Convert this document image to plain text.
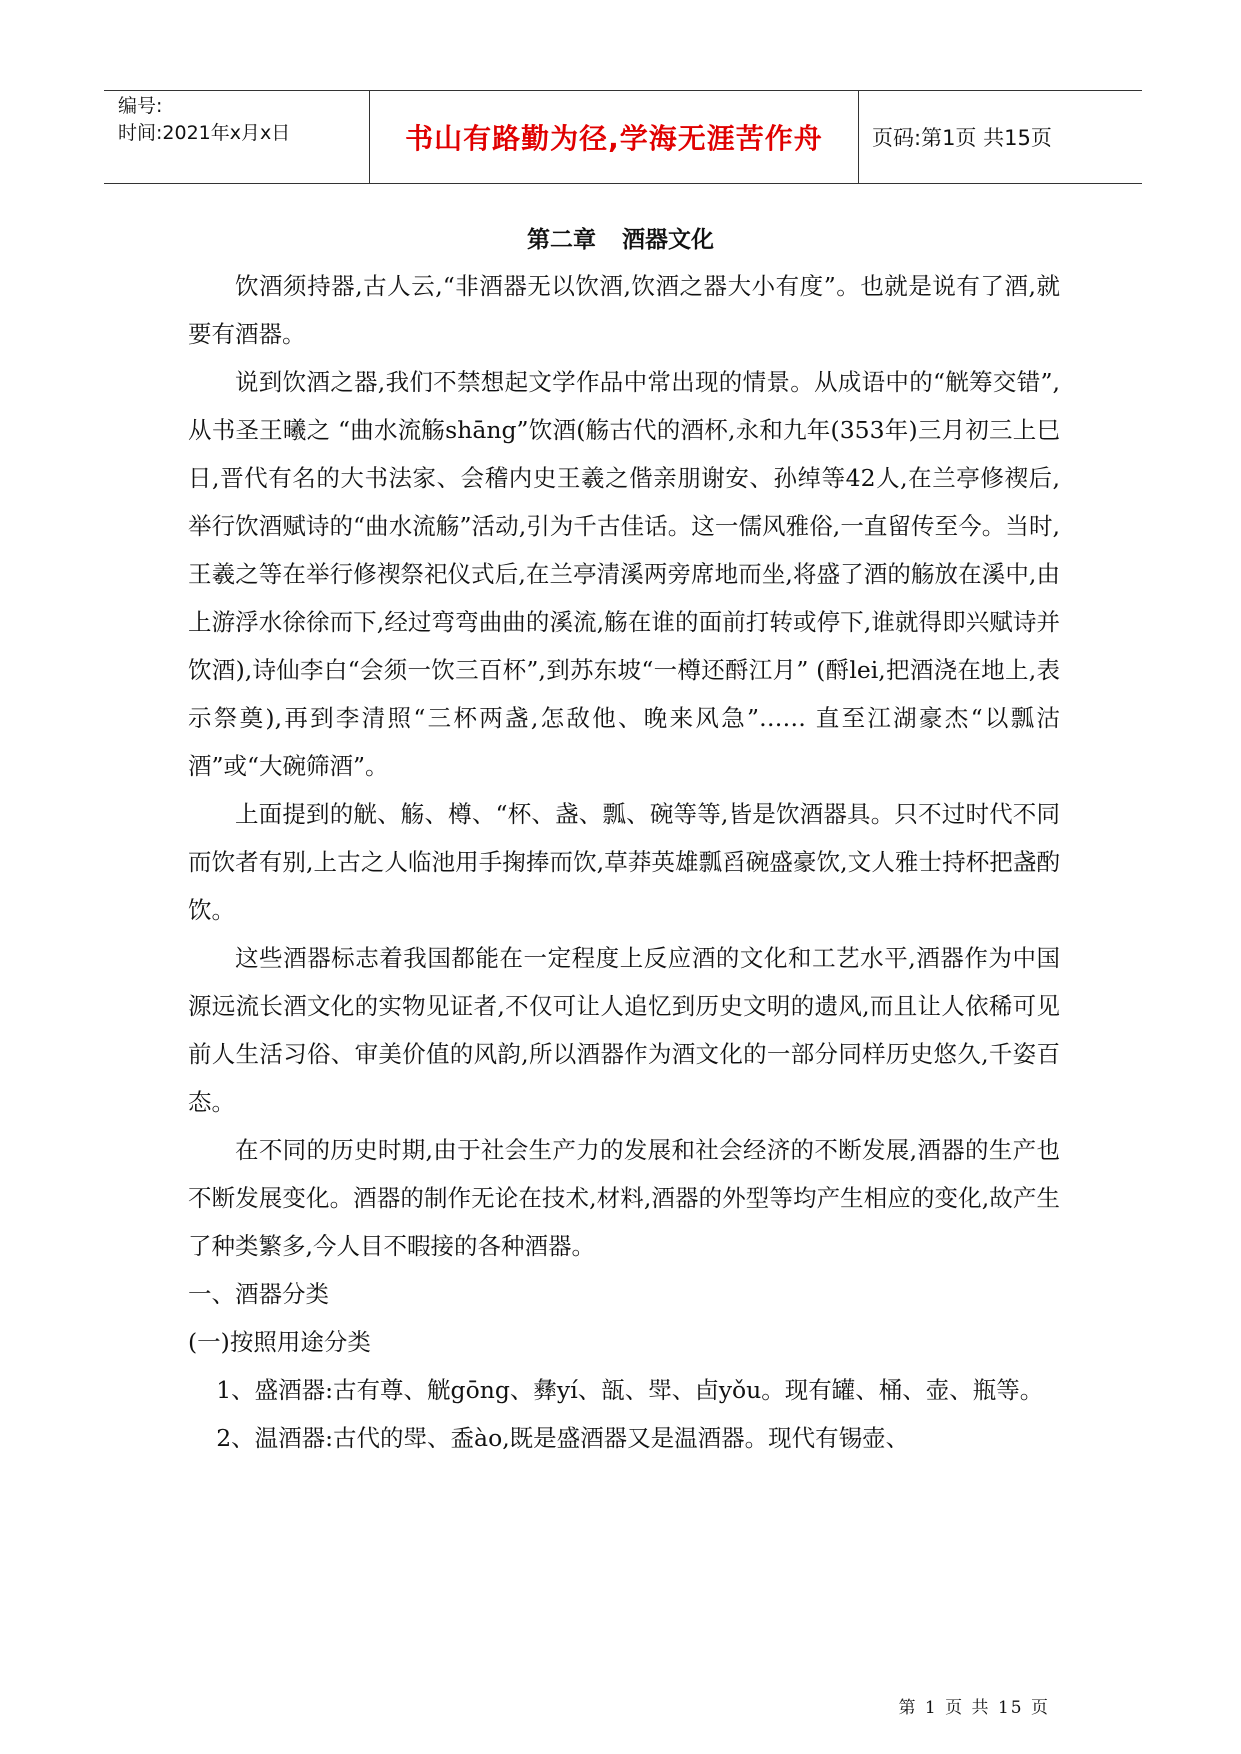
编号:
时间:2021年x月x日	书山有路勤为径,学海无涯苦作舟	页码:第1页 共15页
第二章 酒器文化

饮酒须持器,古人云,“非酒器无以饮酒,饮酒之器大小有度”。也就是说有了酒,就要有酒器。

说到饮酒之器,我们不禁想起文学作品中常出现的情景。从成语中的“觥筹交错”,从书圣王曦之 “曲水流觞shāng”饮酒(觞古代的酒杯,永和九年(353年)三月初三上巳日,晋代有名的大书法家、会稽内史王羲之偕亲朋谢安、孙绰等42人,在兰亭修禊后,举行饮酒赋诗的“曲水流觞”活动,引为千古佳话。这一儒风雅俗,一直留传至今。当时,王羲之等在举行修禊祭祀仪式后,在兰亭清溪两旁席地而坐,将盛了酒的觞放在溪中,由上游浮水徐徐而下,经过弯弯曲曲的溪流,觞在谁的面前打转或停下,谁就得即兴赋诗并饮酒),诗仙李白“会须一饮三百杯”,到苏东坡“一樽还酹江月” (酹lei,把酒浇在地上,表示祭奠),再到李清照“三杯两盏,怎敌他、晚来风急”…… 直至江湖豪杰“以瓢沽酒”或“大碗筛酒”。

上面提到的觥、觞、樽、“杯、盏、瓢、碗等等,皆是饮酒器具。只不过时代不同而饮者有别,上古之人临池用手掬捧而饮,草莽英雄瓢舀碗盛豪饮,文人雅士持杯把盏酌饮。

这些酒器标志着我国都能在一定程度上反应酒的文化和工艺水平,酒器作为中国源远流长酒文化的实物见证者,不仅可让人追忆到历史文明的遗风,而且让人依稀可见前人生活习俗、审美价值的风韵,所以酒器作为酒文化的一部分同样历史悠久,千姿百态。

在不同的历史时期,由于社会生产力的发展和社会经济的不断发展,酒器的生产也不断发展变化。酒器的制作无论在技术,材料,酒器的外型等均产生相应的变化,故产生了种类繁多,今人目不暇接的各种酒器。

一、酒器分类

(一)按照用途分类

1、盛酒器:古有尊、觥gōng、彝yí、瓿、斝、卣yǒu。现有罐、桶、壶、瓶等。

2、温酒器:古代的斝、盉ào,既是盛酒器又是温酒器。现代有锡壶、

第 1 页 共 15 页
